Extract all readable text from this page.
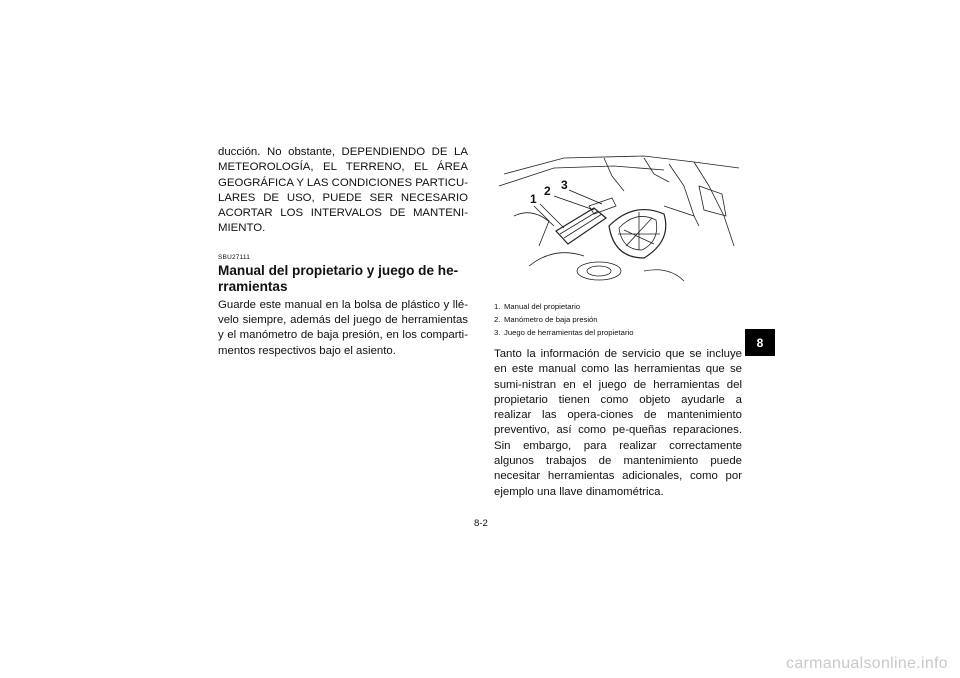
ducción. No obstante, DEPENDIENDO DE LA METEOROLOGÍA, EL TERRENO, EL ÁREA GEOGRÁFICA Y LAS CONDICIONES PARTICU-LARES DE USO, PUEDE SER NECESARIO ACORTAR LOS INTERVALOS DE MANTENI-MIENTO.

SBU27111
Manual del propietario y juego de he-rramientas

Guarde este manual en la bolsa de plástico y llé-velo siempre, además del juego de herramientas y el manómetro de baja presión, en los comparti-mentos respectivos bajo el asiento.

1
2 3
1. Manual del propietario
2. Manómetro de baja presión
3. Juego de herramientas del propietario

Tanto la información de servicio que se incluye en este manual como las herramientas que se sumi-nistran en el juego de herramientas del propietario tienen como objeto ayudarle a realizar las opera-ciones de mantenimiento preventivo, así como pe-queñas reparaciones. Sin embargo, para realizar correctamente algunos trabajos de mantenimiento puede necesitar herramientas adicionales, como por ejemplo una llave dinamométrica.

8
8-2
carmanualsonline.info
